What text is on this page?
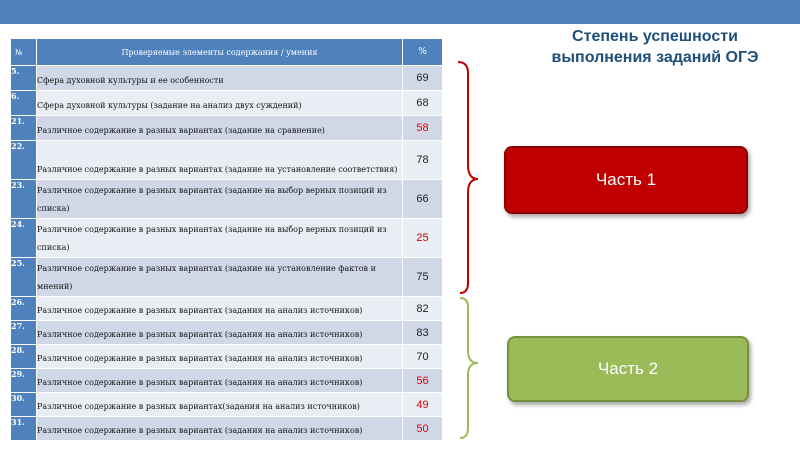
Степень успешности выполнения заданий ОГЭ
№	Проверяемые элементы содержания / умения	%
5.	Сфера духовной культуры и ее особенности	69
6.	Сфера духовной культуры (задание на анализ двух суждений)	68
21.	Различное содержание в разных вариантах (задание на сравнение)	58
22.	Различное содержание в разных вариантах (задание на установление соответствия)	78
23.	Различное содержание в разных вариантах (задание на выбор верных позиций из списка)	66
24.	Различное содержание в разных вариантах (задание на выбор верных позиций из списка)	25
25.	Различное содержание в разных вариантах (задание на установление фактов и мнений)	75
26.	Различное содержание в разных вариантах (задания на анализ источников)	82
27.	Различное содержание в разных вариантах (задания на анализ источников)	83
28.	Различное содержание в разных вариантах (задания на анализ источников)	70
29.	Различное содержание в разных вариантах (задания на анализ источников)	56
30.	Различное содержание в разных вариантах(задания на анализ источников)	49
31.	Различное содержание в разных вариантах (задания на анализ источников)	50
Часть 1
Часть 2
